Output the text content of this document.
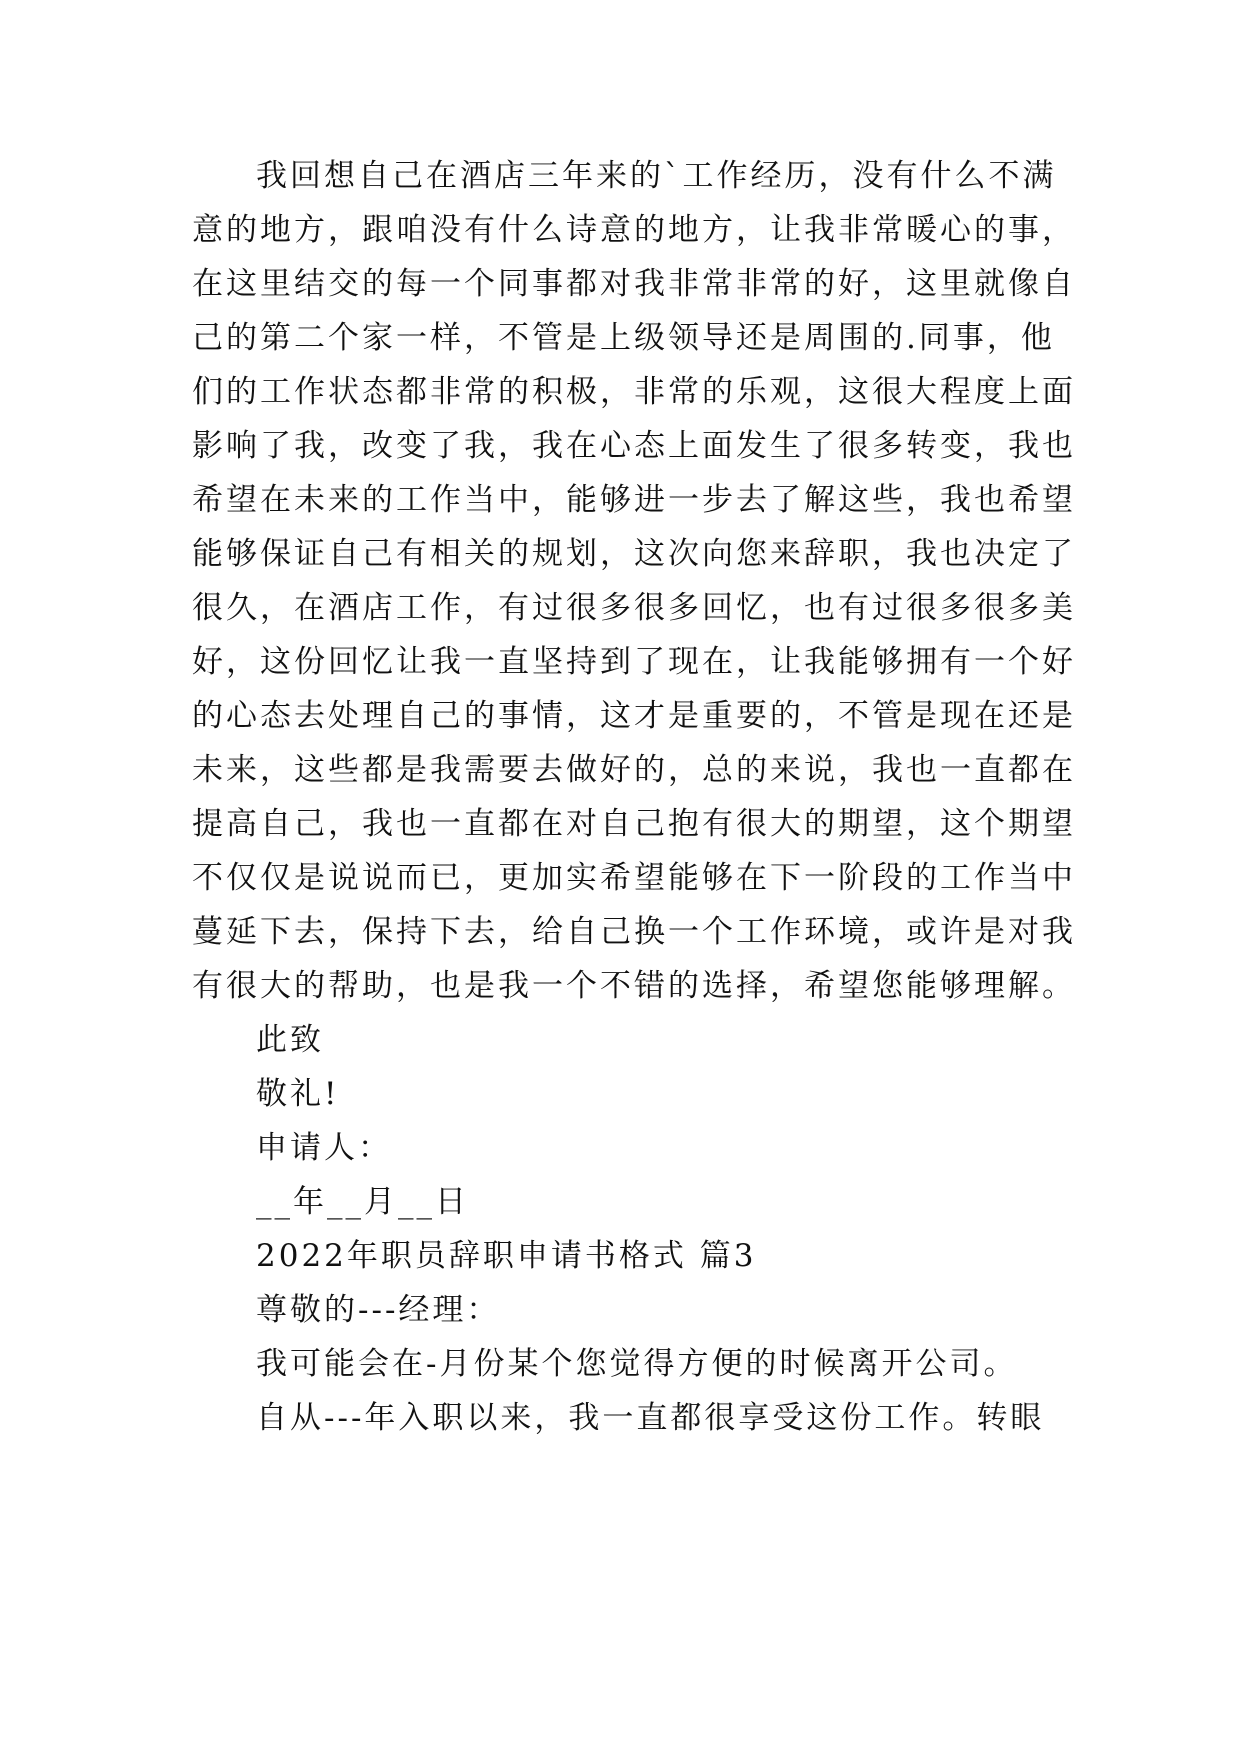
我回想自己在酒店三年来的`工作经历，没有什么不满
意的地方，跟咱没有什么诗意的地方，让我非常暖心的事，
在这里结交的每一个同事都对我非常非常的好，这里就像自
己的第二个家一样，不管是上级领导还是周围的.同事，他
们的工作状态都非常的积极，非常的乐观，这很大程度上面
影响了我，改变了我，我在心态上面发生了很多转变，我也
希望在未来的工作当中，能够进一步去了解这些，我也希望
能够保证自己有相关的规划，这次向您来辞职，我也决定了
很久，在酒店工作，有过很多很多回忆，也有过很多很多美
好，这份回忆让我一直坚持到了现在，让我能够拥有一个好
的心态去处理自己的事情，这才是重要的，不管是现在还是
未来，这些都是我需要去做好的，总的来说，我也一直都在
提高自己，我也一直都在对自己抱有很大的期望，这个期望
不仅仅是说说而已，更加实希望能够在下一阶段的工作当中
蔓延下去，保持下去，给自己换一个工作环境，或许是对我
有很大的帮助，也是我一个不错的选择，希望您能够理解。
此致
敬礼!
申请人：
__年__月__日
2022年职员辞职申请书格式 篇3
尊敬的---经理：
我可能会在-月份某个您觉得方便的时候离开公司。
自从---年入职以来，我一直都很享受这份工作。转眼
